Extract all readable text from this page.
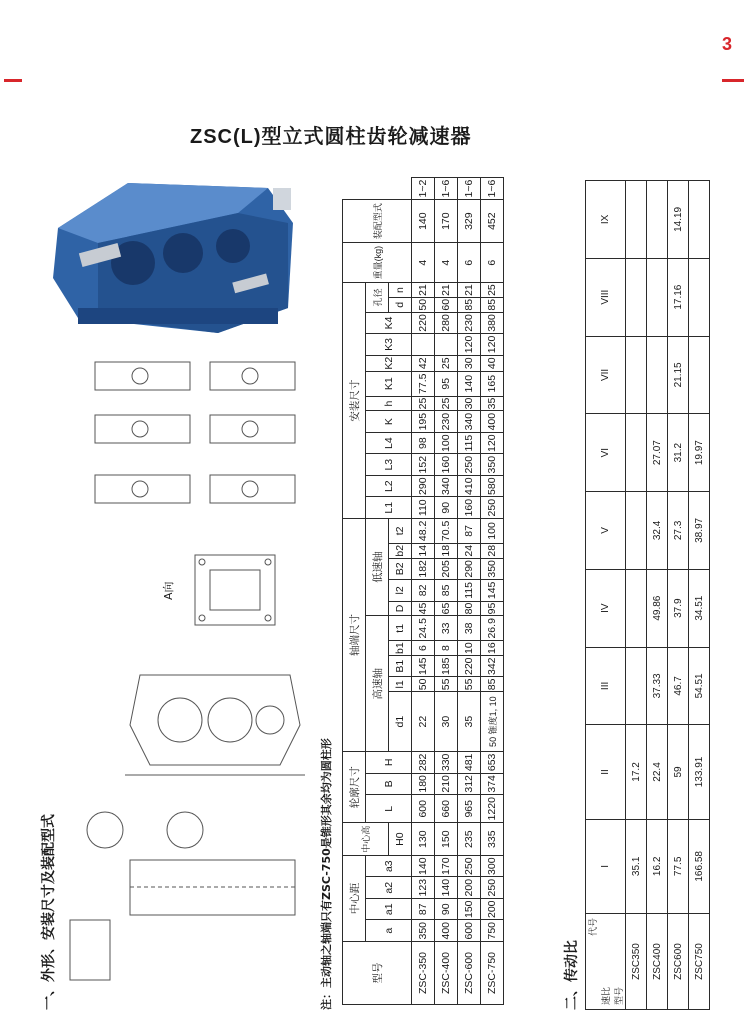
3
ZSC(L)型立式圆柱齿轮减速器
A向
一、外形、安装尺寸及装配型式	注：主动轴之轴端只有ZSC-750是锥形其余均为圆柱形	二、传动比
型号	中心距				中心高	轮廓尺寸			轴端尺寸										安装尺寸												重量(kg)	装配型式	
	a	a1	a2	a3		L	B	H	高速轴					低速轴					L1	L2	L3	L4	K	h	K1	K2	K3	K4	孔径				
					H0				d1	l1	B1	b1	t1	D	l2	B2	b2	t2											d	n			
ZSC-350	350	87	123	140	130	600	180	282	22	50	145	6	24.5	45	82	182	14	48.2	110	290	152	98	195	25	77.5	42		220	50	21	4	140	1~2
ZSC-400	400	90	140	170	150	660	210	330	30	55	185	8	33	65	85	205	18	70.5	90	340	160	100	230	25	95	25		280	60	21	4	170	1~6
ZSC-600	600	150	200	250	235	965	312	481	35	55	220	10	38	80	115	290	24	87	160	410	250	115	340	30	140	30	120	230	85	21	6	329	1~6
ZSC-750	750	200	250	300	335	1220	374	653	50 锥度1, 10	85	342	16	26.9	95	145	350	28	100	250	580	350	120	400	35	165	40	120	380	85	25	6	452	1~6
代号
速比 型号	I	II	III	IV	V	VI	VII	VIII	IX
ZSC350	35.1	17.2							
ZSC400	16.2	22.4	37.33	49.86	32.4	27.07			
ZSC600	77.5	59	46.7	37.9	27.3	31.2	21.15	17.16	14.19
ZSC750	166.58	133.91	54.51	34.51	38.97	19.97			
